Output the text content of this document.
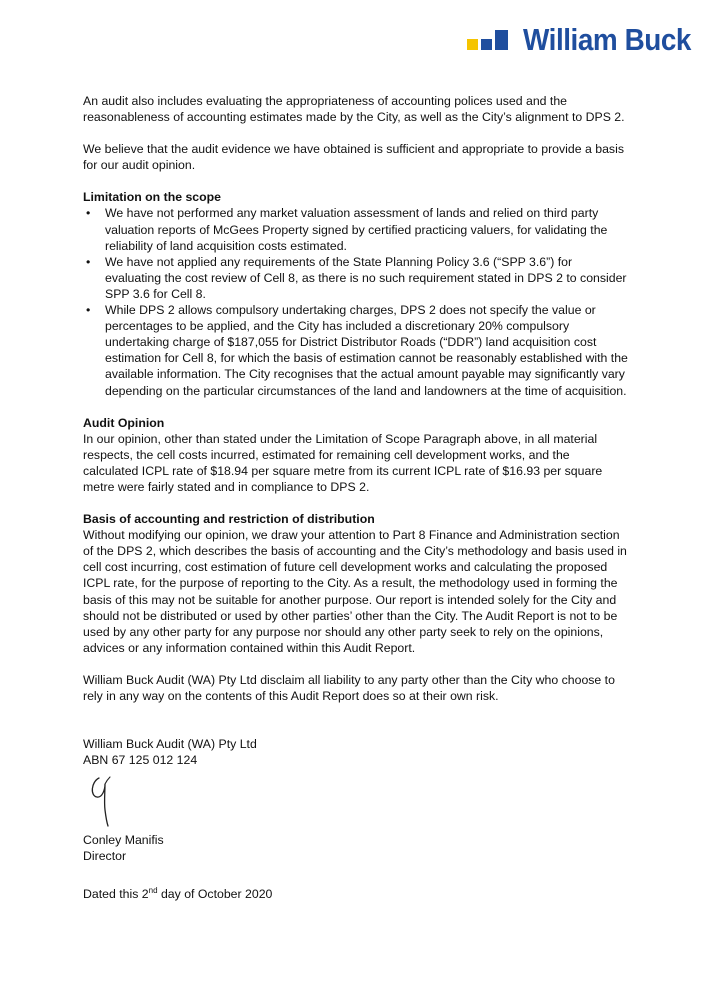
William Buck

An audit also includes evaluating the appropriateness of accounting polices used and the reasonableness of accounting estimates made by the City, as well as the City’s alignment to DPS 2.

We believe that the audit evidence we have obtained is sufficient and appropriate to provide a basis for our audit opinion.

Limitation on the scope
• We have not performed any market valuation assessment of lands and relied on third party valuation reports of McGees Property signed by certified practicing valuers, for validating the reliability of land acquisition costs estimated.
• We have not applied any requirements of the State Planning Policy 3.6 (“SPP 3.6”) for evaluating the cost review of Cell 8, as there is no such requirement stated in DPS 2 to consider SPP 3.6 for Cell 8.
• While DPS 2 allows compulsory undertaking charges, DPS 2 does not specify the value or percentages to be applied, and the City has included a discretionary 20% compulsory undertaking charge of $187,055 for District Distributor Roads (“DDR”) land acquisition cost estimation for Cell 8, for which the basis of estimation cannot be reasonably established with the available information. The City recognises that the actual amount payable may significantly vary depending on the particular circumstances of the land and landowners at the time of acquisition.
Audit Opinion

In our opinion, other than stated under the Limitation of Scope Paragraph above, in all material respects, the cell costs incurred, estimated for remaining cell development works, and the calculated ICPL rate of $18.94 per square metre from its current ICPL rate of $16.93 per square metre were fairly stated and in compliance to DPS 2.

Basis of accounting and restriction of distribution

Without modifying our opinion, we draw your attention to Part 8 Finance and Administration section of the DPS 2, which describes the basis of accounting and the City’s methodology and basis used in cell cost incurring, cost estimation of future cell development works and calculating the proposed ICPL rate, for the purpose of reporting to the City. As a result, the methodology used in forming the basis of this may not be suitable for another purpose. Our report is intended solely for the City and should not be distributed or used by other parties’ other than the City. The Audit Report is not to be used by any other party for any purpose nor should any other party seek to rely on the opinions, advices or any information contained within this Audit Report.

William Buck Audit (WA) Pty Ltd disclaim all liability to any party other than the City who choose to rely in any way on the contents of this Audit Report does so at their own risk.

William Buck Audit (WA) Pty Ltd
ABN 67 125 012 124
Conley Manifis
Director
Dated this 2nd day of October 2020
